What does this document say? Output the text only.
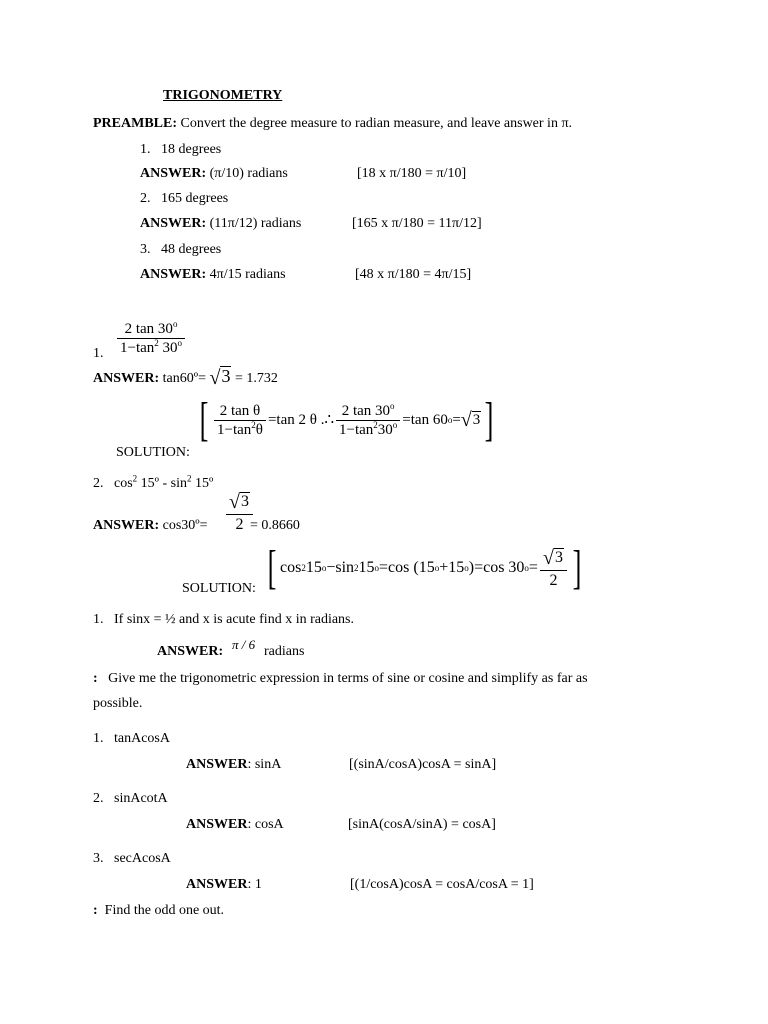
TRIGONOMETRY
PREAMBLE: Convert the degree measure to radian measure, and leave answer in π.
1. 18 degrees
ANSWER: (π/10) radians	[18 x π/180 = π/10]
2. 165 degrees
ANSWER: (11π/12) radians	[165 x π/180 = 11π/12]
3. 48 degrees
ANSWER: 4π/15 radians	[48 x π/180 = 4π/15]
1. $\frac{2 \tan 30^o}{1-\tan^2 30^o}$
ANSWER: tan60º= √3 = 1.732
[ $\frac{\text{2 tan θ}}{1-\tan^2\theta} =\tan$ 2 θ .∴ $\frac{2 \tan 30^o}{1-\tan^230^o} =\tan$ 60 o = √3 ]
SOLUTION:
2. $\cos^2$ 15º - $\sin^2$ 15º
ANSWER: cos30º= $\frac{√3}{2}$
= 0.8660
[ cos 2 15 o −sin 2 15 o =cos ( 15 o +15 o ) =cos 30 $o = \frac{√3}{2}$ ]
SOLUTION:
1. If sinx = ½ and x is acute find x in radians.
ANSWER: π / 6 radians
: Give me the trigonometric expression in terms of sine or cosine and simplify as far as
possible.
1. tanAcosA
ANSWER: sinA	[(sinA/cosA)cosA = sinA]
2. sinAcotA
ANSWER: cosA	[sinA(cosA/sinA) = cosA]
3. secAcosA
ANSWER: 1	[(1/cosA)cosA = cosA/cosA = 1]
: Find the odd one out.
